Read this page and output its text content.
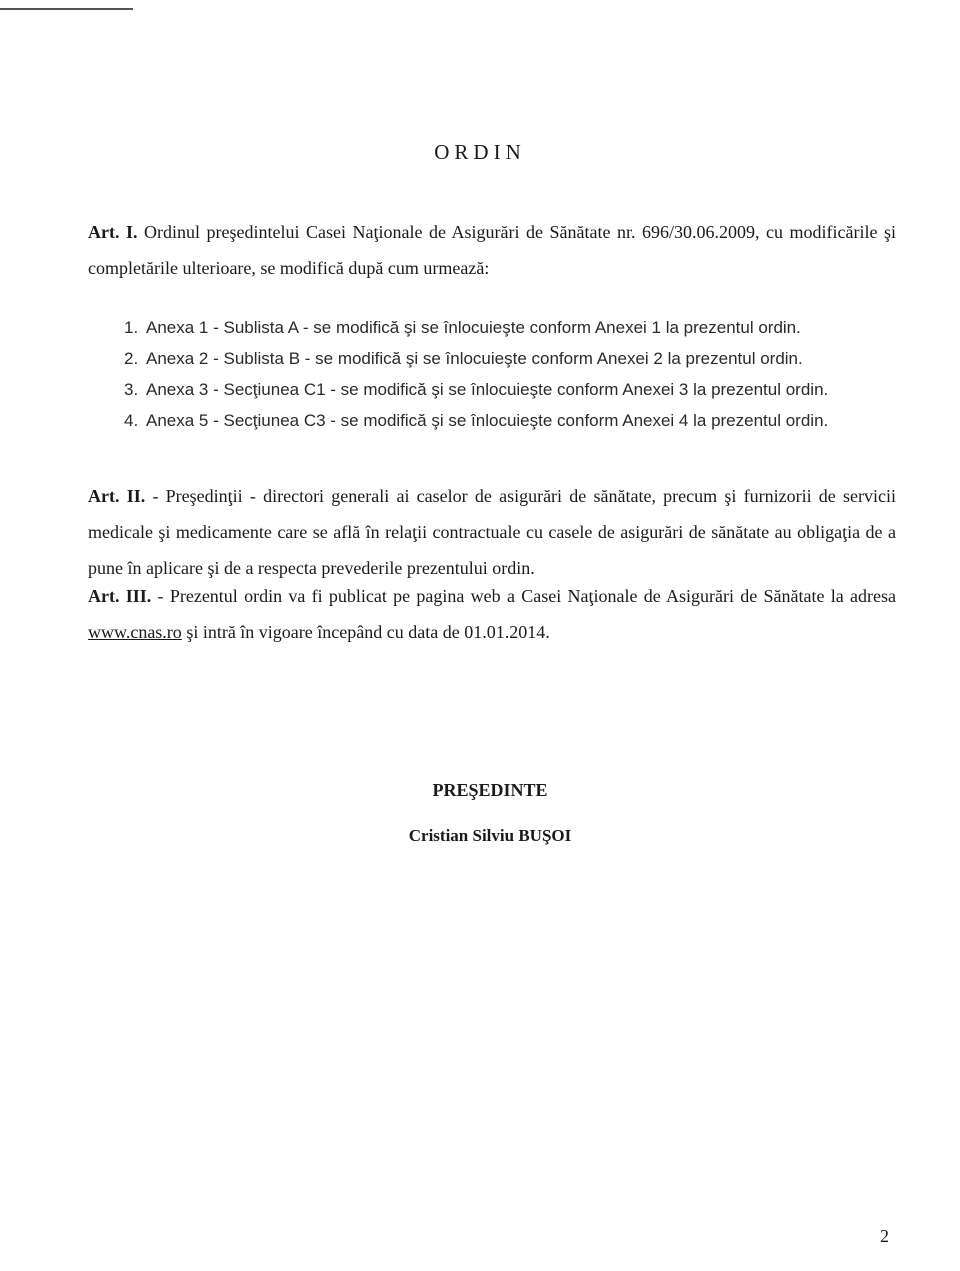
ORDIN
Art. I. Ordinul preşedintelui Casei Naţionale de Asigurări de Sănătate nr. 696/30.06.2009, cu modificările şi completările ulterioare, se modifică după cum urmează:
1. Anexa 1 - Sublista A - se modifică şi se înlocuieşte conform Anexei 1 la prezentul ordin.
2. Anexa 2 - Sublista B - se modifică şi se înlocuieşte conform Anexei 2 la prezentul ordin.
3. Anexa 3 - Secţiunea C1 - se modifică şi se înlocuieşte conform Anexei 3 la prezentul ordin.
4. Anexa 5 - Secţiunea C3 - se modifică şi se înlocuieşte conform Anexei 4 la prezentul ordin.
Art. II. - Preşedinţii - directori generali ai caselor de asigurări de sănătate, precum şi furnizorii de servicii medicale şi medicamente care se află în relaţii contractuale cu casele de asigurări de sănătate au obligaţia de a pune în aplicare şi de a respecta prevederile prezentului ordin.
Art. III. - Prezentul ordin va fi publicat pe pagina web a Casei Naţionale de Asigurări de Sănătate la adresa www.cnas.ro şi intră în vigoare începând cu data de 01.01.2014.
PREŞEDINTE
Cristian Silviu BUŞOI
2
